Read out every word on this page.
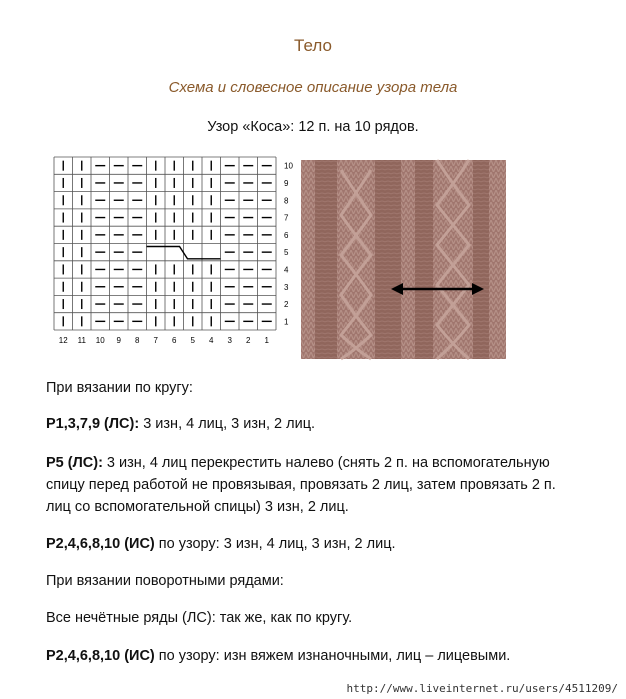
Тело
Схема и словесное описание узора тела
Узор «Коса»: 12 п. на 10 рядов.
10
9
8
7
6
5
4
3
2
1
12 11 10 9 8 7 6 5 4 3 2 1
При вязании по кругу:
Р1,3,7,9 (ЛС): 3 изн, 4 лиц, 3 изн, 2 лиц.
Р5 (ЛС): 3 изн, 4 лиц перекрестить налево (снять 2 п. на вспомогательную
спицу перед работой не провязывая, провязать 2 лиц, затем провязать 2 п.
лиц со вспомогательной спицы) 3 изн, 2 лиц.
Р2,4,6,8,10 (ИС) по узору: 3 изн, 4 лиц, 3 изн, 2 лиц.
При вязании поворотными рядами:
Все нечётные ряды (ЛС): так же, как по кругу.
Р2,4,6,8,10 (ИС) по узору: изн вяжем изнаночными, лиц – лицевыми.
http://www.liveinternet.ru/users/4511209/
